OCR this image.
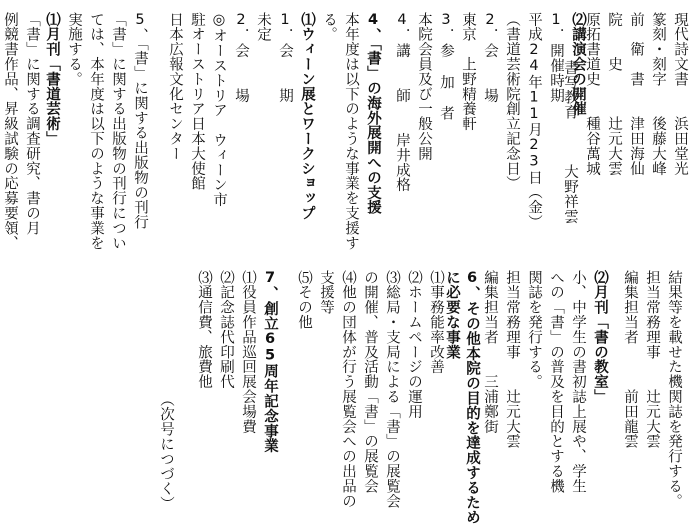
例競書作品、昇級試験の応募要領、 「書」に関する調査研究、書の月 ⑴月刊「書道芸術」 実施する。 ては、本年度は以下のような事業を 「書」に関する出版物の刊行につい 5、「書」に関する出版物の刊行 日本広報文化センター 駐オーストリア日本大使館 ◎オーストリア　ウィーン市 2．会　　場 未定 1．会　　期 ⑴ウィーン展とワークショップ る。 本年度は以下のような事業を支援す 4、「書」の海外展開への支援 4．講　　師　　岸井成格 本院会員及び一般公開 3．参 加 者 東京　上野精養軒 2．会　　場 （書道芸術院創立記念日） 平成24年11月23日（金） 1．開催時期 ⑵講演会の開催
書写教育　　　大野祥雲 原拓書道史　　種谷萬城 院　　史　　　辻元大雲 前　衛　書　　津田海仙 篆刻・刻字　　後藤大峰 現代詩文書　　浜田堂光
⑶通信費、旅費他 ⑵記念誌代印刷代 ⑴役員作品巡回展会場費 7、創立65周年記念事業 ⑸その他 支援等 ⑷他の団体が行う展覧会への出品の の開催、普及活動「書」の展覧会 ⑶総局・支局による「書」の展覧会 ⑵ホームページの運用 ⑴事務能率改善 に必要な事業 6、その他本院の目的を達成するため 編集担当者　　三浦鄭街 担当常務理事　　辻元大雲 関誌を発行する。 への「書」の普及を目的とする機 小、中学生の書初誌上展や、学生 ⑵月刊「書の教室」 編集担当者　　　前田龍雲 担当常務理事　　辻元大雲 結果等を載せた機関誌を発行する。
（次号につづく）
